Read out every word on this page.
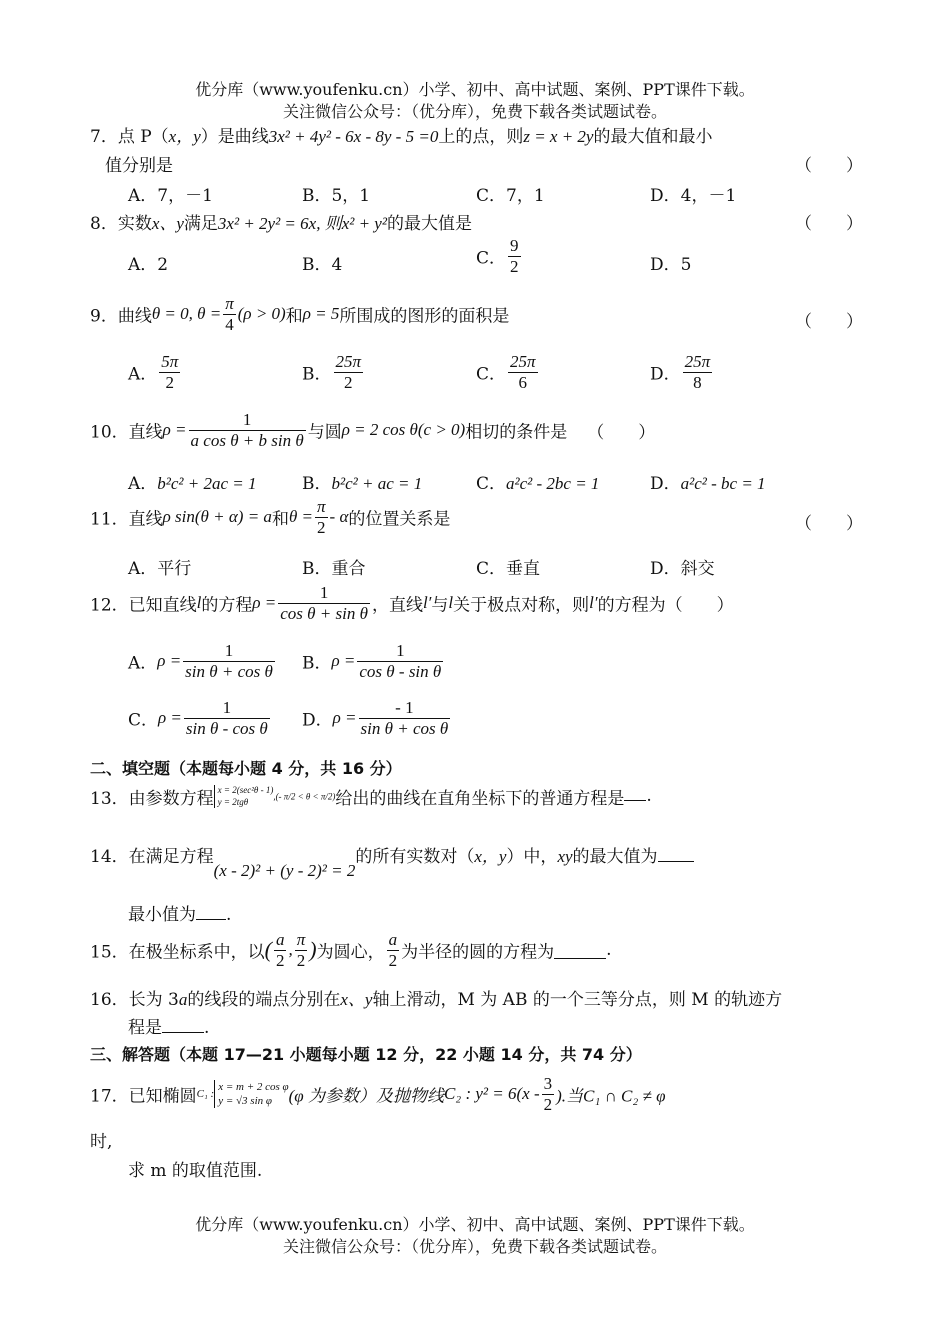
优分库（www.youfenku.cn）小学、初中、高中试题、案例、PPT课件下载。
关注微信公众号：（优分库），免费下载各类试题试卷。
7．点 P（x，y）是曲线3x² + 4y² - 6x - 8y - 5 =0上的点，则z = x + 2y的最大值和最小
值分别是	（　　）
A．7，－1	B．5，1	C．7，1	D．4，－1
8．实数x、y满足3x² + 2y² = 6x, 则x² + y²的最大值是	（　　）
A．2	B．4	C． $\frac{9}{2}$	D．5
9．曲线θ = 0, $\theta = \frac{\pi}{4} (\rho > 0)$和ρ = 5所围成的图形的面积是	（　　）
A． $\frac{5\pi}{2}$	B． $\frac{25\pi}{2}$	C． $\frac{25\pi}{6}$	D． $\frac{25\pi}{8}$
10．直线$\rho = \frac{1}{\text{a cos θ + b sin θ}}$ 与圆ρ = 2 cos θ(c > 0)相切的条件是 （　　）
A．b²c² + 2ac = 1	B．b²c² + ac = 1	C．a²c² - 2bc = 1	D．a²c² - bc = 1
11．直线ρ sin(θ + α) = a和$\theta = \frac{\pi}{2} - \alpha$的位置关系是	（　　）
A．平行	B．重合	C．垂直	D．斜交
12．已知直线l的方程$\rho = \frac{1}{\text{cos θ + sin θ}}$ ，直线l′与l关于极点对称，则l′的方程为（　　）
A．$\rho = \frac{1}{\text{sin θ + cos θ}}$ B．$\rho = \frac{1}{\text{cos θ - sin θ}}$
C．$\rho = \frac{1}{\text{sin θ - cos θ}}$ D．$\rho = \frac{- 1}{\text{sin θ + cos θ}}$
二、填空题（本题每小题 4 分，共 16 分）
13．由参数方程 x = 2(sec²θ - 1)
y = 2tgθ	,(- π/2 < θ < π/2)给出的曲线在直角坐标下的普通方程是 .
14．在满足方程(x - 2)² + (y - 2)² = 2的所有实数对（x，y）中，xy的最大值为
最小值为 .
15．在极坐标系中，以( $\frac{a}{2}$ , $\frac{\pi}{2}$ )为圆心， $\frac{a}{2}$ 为半径的圆的方程为	.
16．长为 3a的线段的端点分别在x、y轴上滑动，M 为 AB 的一个三等分点，则 M 的轨迹方
程是 .
三、解答题（本题 17—21 小题每小题 12 分，22 小题 14 分，共 74 分）
17．已知椭圆C₁ :
x = m + 2 cos φ
y = √3 sin φ (φ 为参数）及抛物线C₂ : $y^2 = 6(x - \frac{3}{2}$ ).当C₁ ∩ C₂ ≠ φ
时,
求 m 的取值范围.
优分库（www.youfenku.cn）小学、初中、高中试题、案例、PPT课件下载。
关注微信公众号：（优分库），免费下载各类试题试卷。
